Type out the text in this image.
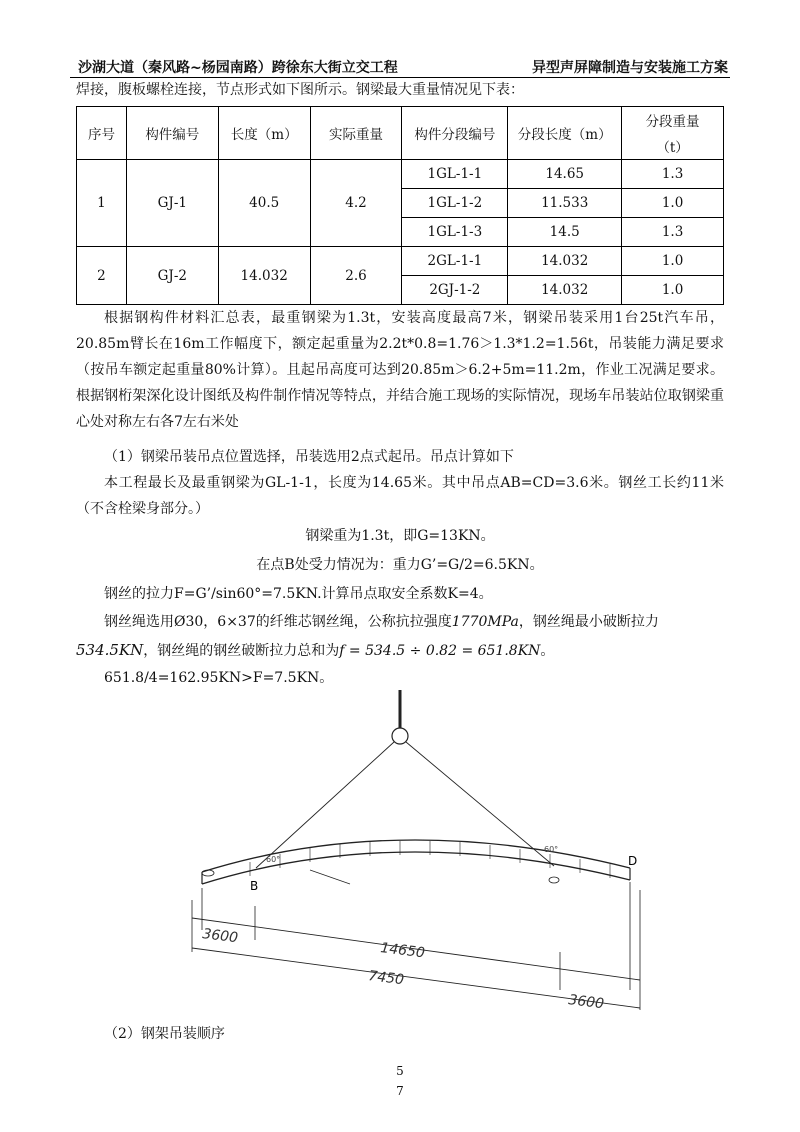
沙湖大道（秦风路~杨园南路）跨徐东大街立交工程	异型声屏障制造与安装施工方案
焊接，腹板螺栓连接，节点形式如下图所示。钢梁最大重量情况见下表：
序号	构件编号	长度（m）	实际重量	构件分段编号	分段长度（m）	分段重量
（t）

1	GJ-1	40.5	4.2	1GL-1-1	14.65	1.3
				1GL-1-2	11.533	1.0
				1GL-1-3	14.5	1.3
2	GJ-2	14.032	2.6	2GL-1-1	14.032	1.0
				2GJ-1-2	14.032	1.0
根据钢构件材料汇总表，最重钢梁为1.3t，安装高度最高7米，钢梁吊装采用1台25t汽车吊，20.85m臂长在16m工作幅度下，额定起重量为2.2t*0.8=1.76＞1.3*1.2=1.56t，吊装能力满足要求（按吊车额定起重量80%计算）。且起吊高度可达到20.85m＞6.2+5m=11.2m，作业工况满足要求。根据钢桁架深化设计图纸及构件制作情况等特点，并结合施工现场的实际情况，现场车吊装站位取钢梁重心处对称左右各7左右米处
（1）钢梁吊装吊点位置选择，吊装选用2点式起吊。吊点计算如下
本工程最长及最重钢梁为GL-1-1，长度为14.65米。其中吊点AB=CD=3.6米。钢丝工长约11米（不含栓梁身部分。）
钢梁重为1.3t，即G=13KN。
在点B处受力情况为：重力G’=G/2=6.5KN。
钢丝的拉力F=G’/sin60°=7.5KN.计算吊点取安全系数K=4。
钢丝绳选用Ø30，6×37的纤维芯钢丝绳，公称抗拉强度1770MPa，钢丝绳最小破断拉力
534.5KN，钢丝绳的钢丝破断拉力总和为f = 534.5 ÷ 0.82 = 651.8KN。
651.8/4=162.95KN>F=7.5KN。
B
D
60°
60°
3600
14650
7450
3600
（2）钢架吊装顺序
5
7
